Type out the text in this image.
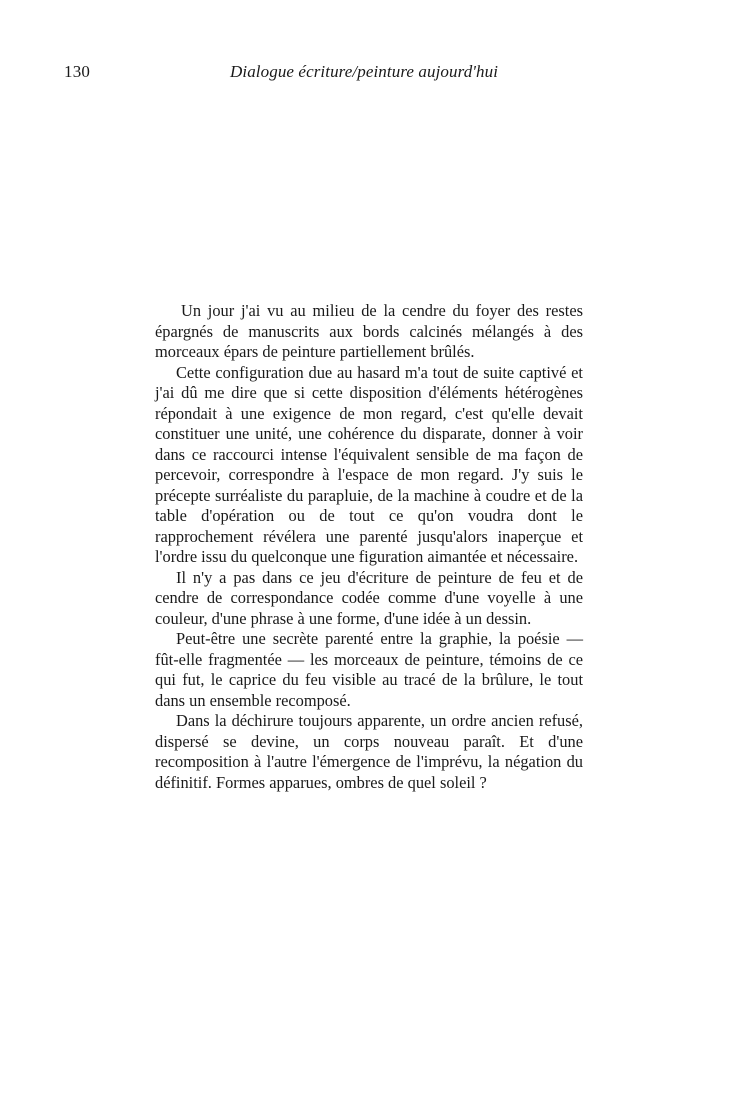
130	Dialogue écriture/peinture aujourd'hui

Un jour j'ai vu au milieu de la cendre du foyer des restes épargnés de manuscrits aux bords calcinés mélangés à des morceaux épars de peinture partiellement brûlés.

Cette configuration due au hasard m'a tout de suite captivé et j'ai dû me dire que si cette disposition d'éléments hétérogènes répondait à une exigence de mon regard, c'est qu'elle devait constituer une unité, une cohérence du disparate, donner à voir dans ce raccourci intense l'équivalent sensible de ma façon de percevoir, correspondre à l'espace de mon regard. J'y suis le précepte surréaliste du parapluie, de la machine à coudre et de la table d'opération ou de tout ce qu'on voudra dont le rapprochement révélera une parenté jusqu'alors inaperçue et l'ordre issu du quelconque une figuration aimantée et nécessaire.

Il n'y a pas dans ce jeu d'écriture de peinture de feu et de cendre de correspondance codée comme d'une voyelle à une couleur, d'une phrase à une forme, d'une idée à un dessin.

Peut-être une secrète parenté entre la graphie, la poésie — fût-elle fragmentée — les morceaux de peinture, témoins de ce qui fut, le caprice du feu visible au tracé de la brûlure, le tout dans un ensemble recomposé.

Dans la déchirure toujours apparente, un ordre ancien refusé, dispersé se devine, un corps nouveau paraît. Et d'une recomposition à l'autre l'émergence de l'imprévu, la négation du définitif. Formes apparues, ombres de quel soleil ?
